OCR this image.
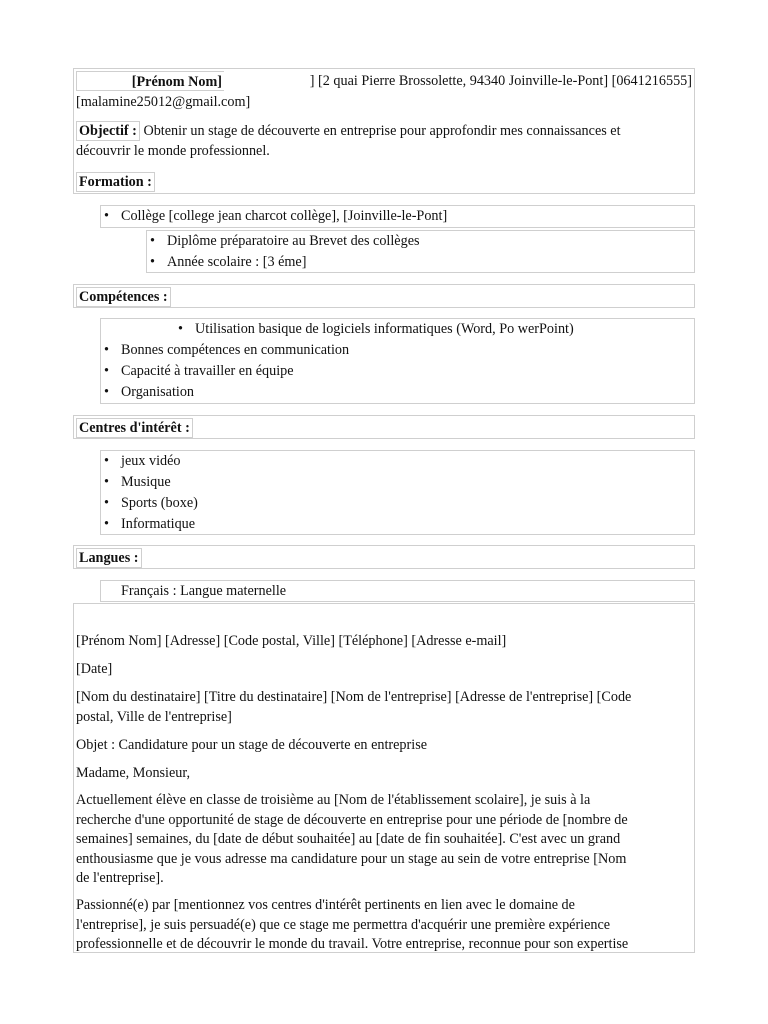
[Prénom Nom]	] [2 quai Pierre Brossolette, 94340 Joinville-le-Pont] [0641216555]
[malamine25012@gmail.com]
Objectif : Obtenir un stage de découverte en entreprise pour approfondir mes connaissances et
découvrir le monde professionnel.
Formation :
• Collège [college jean charcot collège], [Joinville-le-Pont]
• Diplôme préparatoire au Brevet des collèges
• Année scolaire : [3 éme]
Compétences :
• Utilisation basique de logiciels informatiques (Word, Po werPoint)
• Bonnes compétences en communication
• Capacité à travailler en équipe
• Organisation
Centres d'intérêt :
• jeux vidéo
• Musique
• Sports (boxe)
• Informatique
Langues :
Français : Langue maternelle

[Prénom Nom] [Adresse] [Code postal, Ville] [Téléphone] [Adresse e-mail]

[Date]

[Nom du destinataire] [Titre du destinataire] [Nom de l'entreprise] [Adresse de l'entreprise] [Code
postal, Ville de l'entreprise]

Objet : Candidature pour un stage de découverte en entreprise

Madame, Monsieur,

Actuellement élève en classe de troisième au [Nom de l'établissement scolaire], je suis à la
recherche d'une opportunité de stage de découverte en entreprise pour une période de [nombre de
semaines] semaines, du [date de début souhaitée] au [date de fin souhaitée]. C'est avec un grand
enthousiasme que je vous adresse ma candidature pour un stage au sein de votre entreprise [Nom
de l'entreprise].
Passionné(e) par [mentionnez vos centres d'intérêt pertinents en lien avec le domaine de
l'entreprise], je suis persuadé(e) que ce stage me permettra d'acquérir une première expérience
professionnelle et de découvrir le monde du travail. Votre entreprise, reconnue pour son expertise
